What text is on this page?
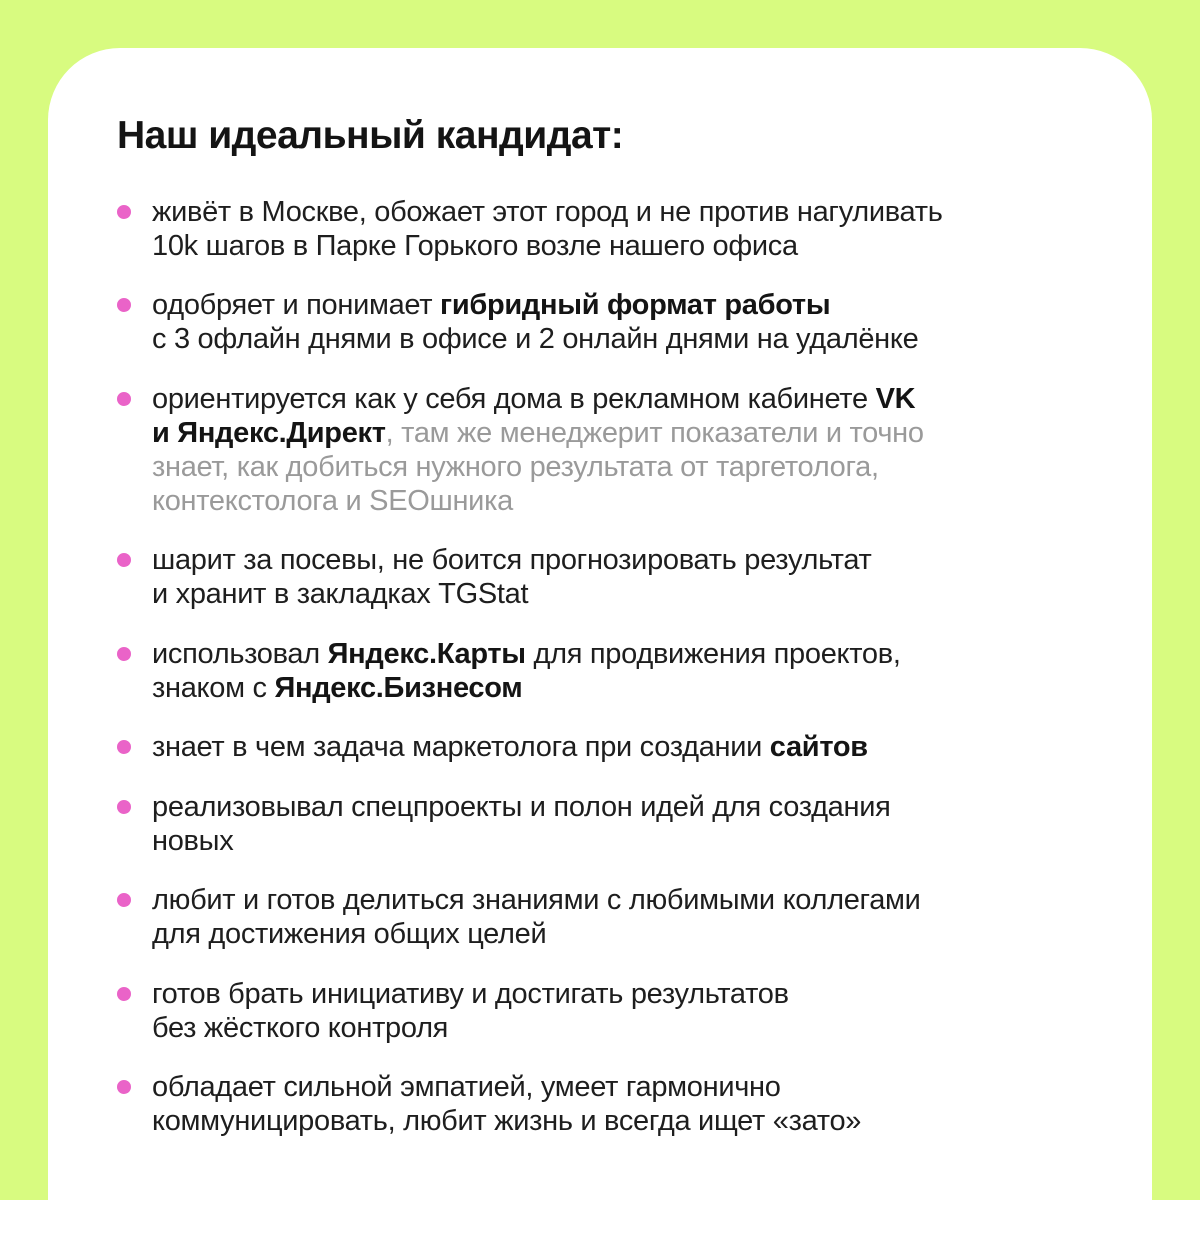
Наш идеальный кандидат:

живёт в Москве, обожает этот город и не против нагуливать
10k шагов в Парке Горького возле нашего офиса

одобряет и понимает гибридный формат работы
с 3 офлайн днями в офисе и 2 онлайн днями на удалёнке

ориентируется как у себя дома в рекламном кабинете VK
и Яндекс.Директ, там же менеджерит показатели и точно
знает, как добиться нужного результата от таргетолога,
контекстолога и SEOшника

шарит за посевы, не боится прогнозировать результат
и хранит в закладках TGStat

использовал Яндекс.Карты для продвижения проектов,
знаком с Яндекс.Бизнесом

знает в чем задача маркетолога при создании сайтов

реализовывал спецпроекты и полон идей для создания
новых

любит и готов делиться знаниями с любимыми коллегами
для достижения общих целей

готов брать инициативу и достигать результатов
без жёсткого контроля

обладает сильной эмпатией, умеет гармонично
коммуницировать, любит жизнь и всегда ищет «зато»
